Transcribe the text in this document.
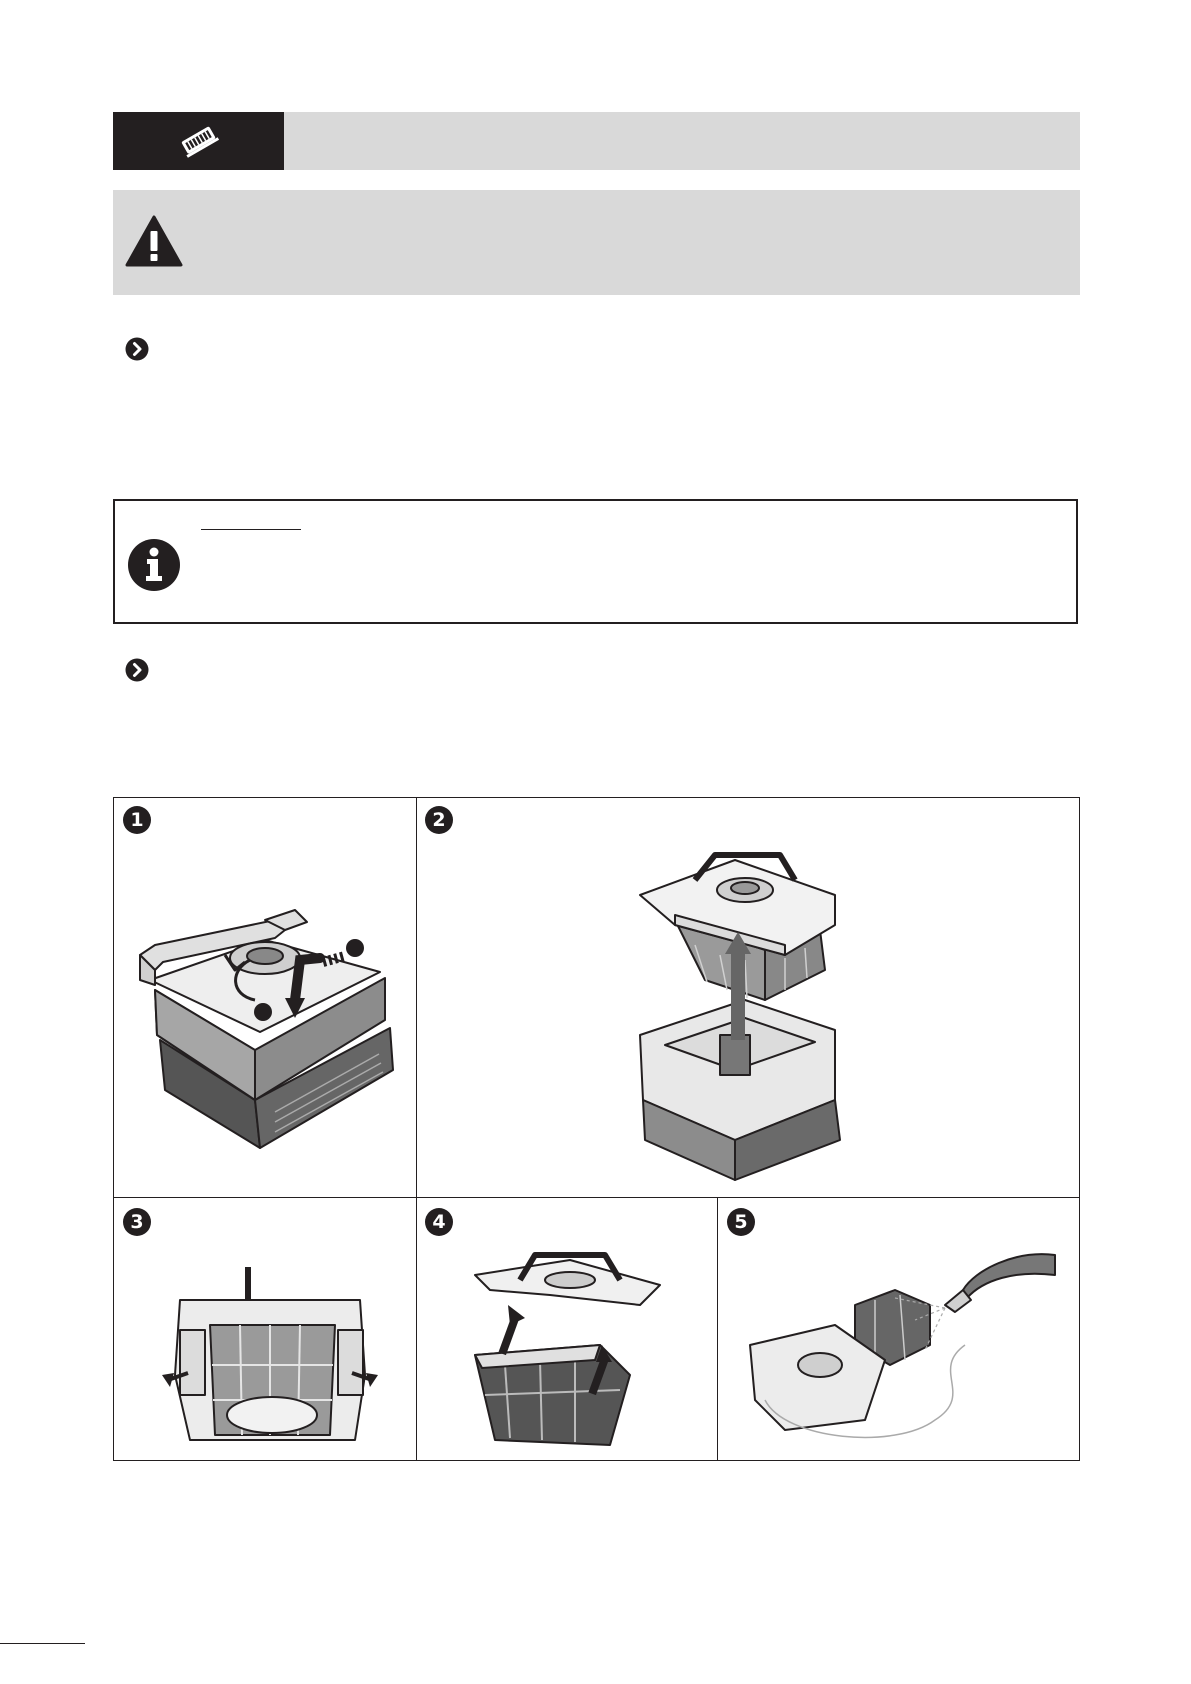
1	2
3	4	5
